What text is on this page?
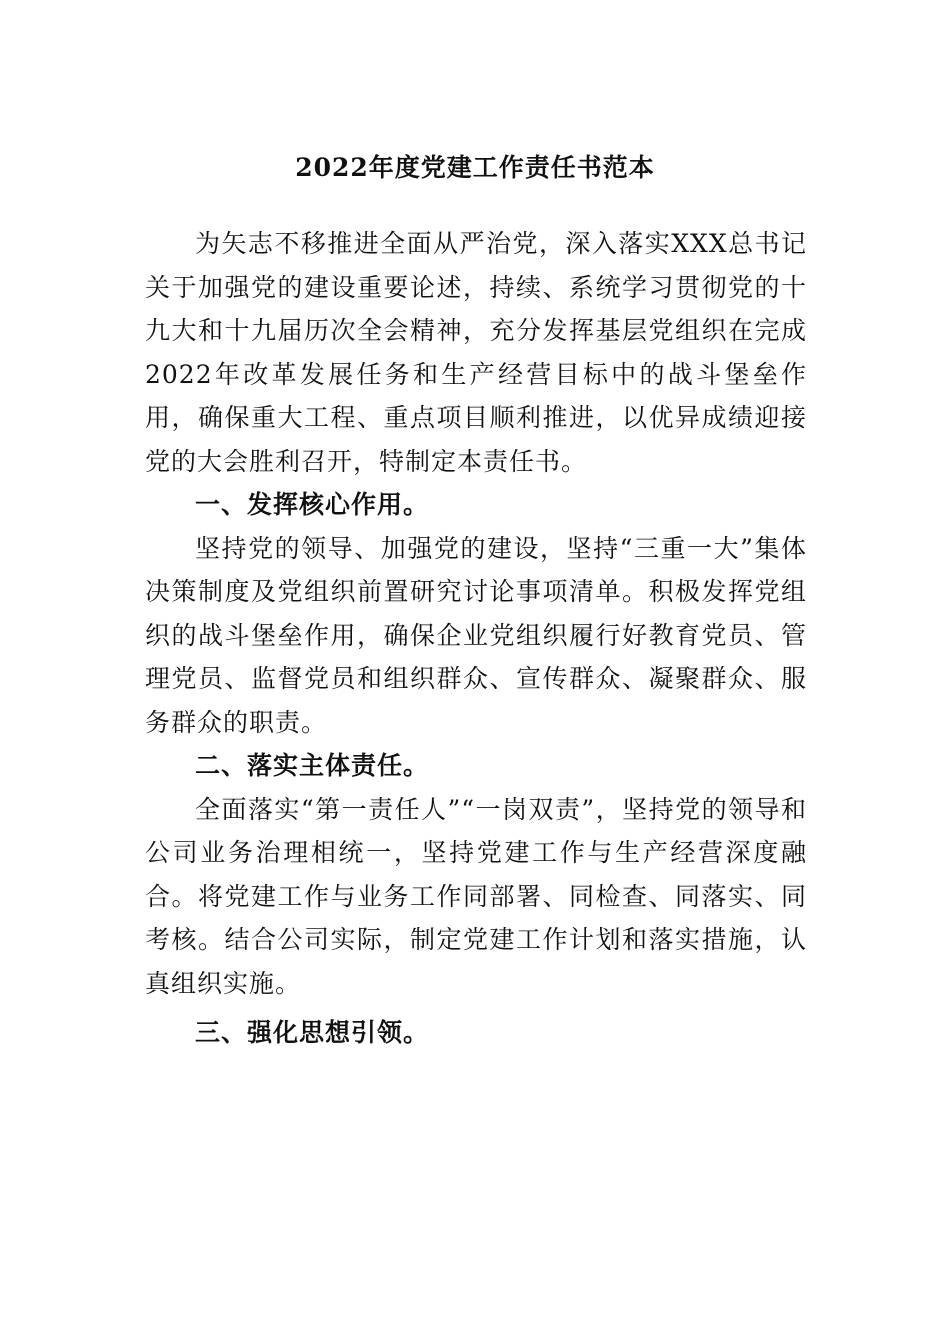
2022年度党建工作责任书范本

为矢志不移推进全面从严治党，深入落实XXX总书记关于加强党的建设重要论述，持续、系统学习贯彻党的十九大和十九届历次全会精神，充分发挥基层党组织在完成2022年改革发展任务和生产经营目标中的战斗堡垒作用，确保重大工程、重点项目顺利推进，以优异成绩迎接党的大会胜利召开，特制定本责任书。

一、发挥核心作用。

坚持党的领导、加强党的建设，坚持“三重一大”集体决策制度及党组织前置研究讨论事项清单。积极发挥党组织的战斗堡垒作用，确保企业党组织履行好教育党员、管理党员、监督党员和组织群众、宣传群众、凝聚群众、服务群众的职责。

二、落实主体责任。

全面落实“第一责任人”“一岗双责”，坚持党的领导和公司业务治理相统一，坚持党建工作与生产经营深度融合。将党建工作与业务工作同部署、同检查、同落实、同考核。结合公司实际，制定党建工作计划和落实措施，认真组织实施。

三、强化思想引领。
